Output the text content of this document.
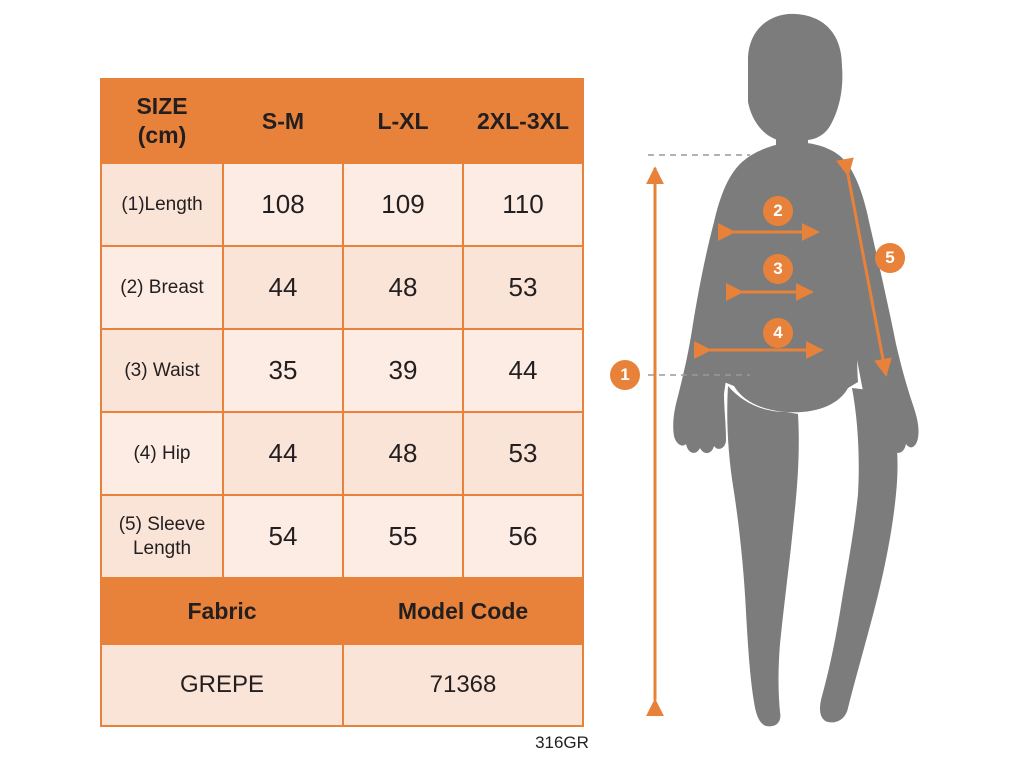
SIZE
(cm)	S-M	L-XL	2XL-3XL
(1)Length	108	109	110
(2) Breast	44	48	53
(3) Waist	35	39	44
(4) Hip	44	48	53
(5) Sleeve Length	54	55	56
Fabric		Model Code	
GREPE		71368	
316GR
1
2
3
4
5
